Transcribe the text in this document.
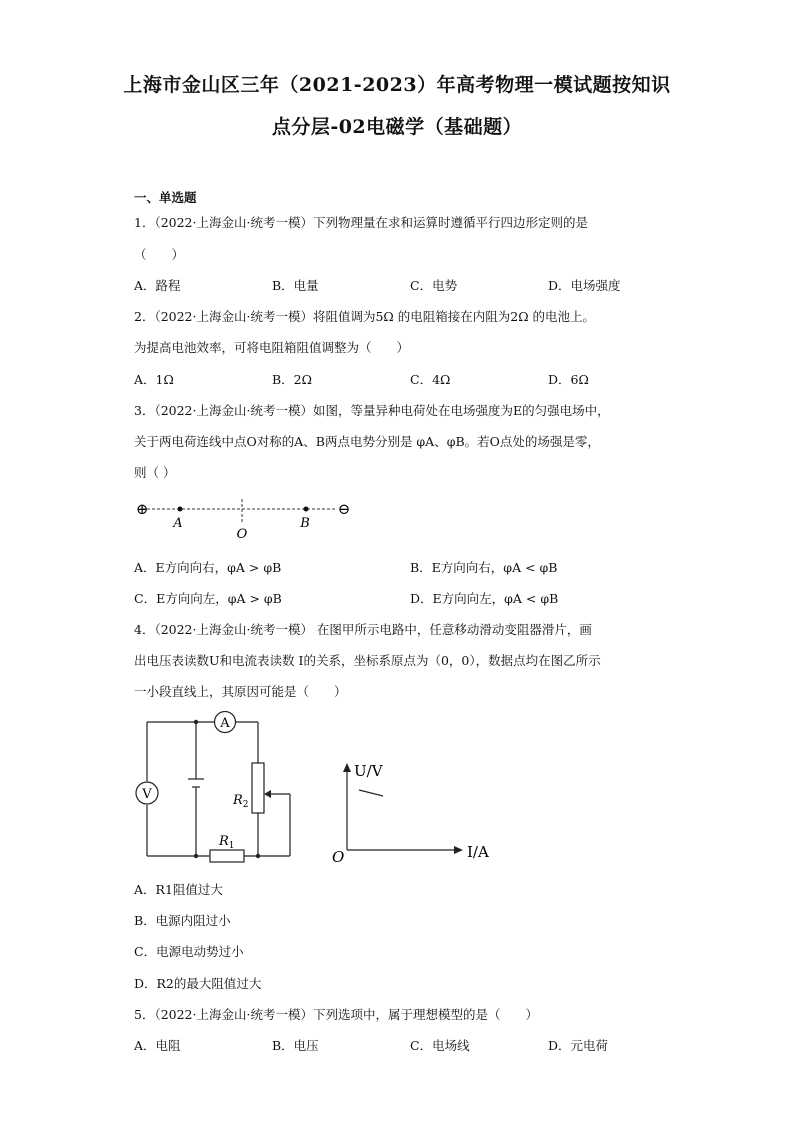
上海市金山区三年（2021-2023）年高考物理一模试题按知识
点分层-02电磁学（基础题）
一、单选题
1．（2022·上海金山·统考一模）下列物理量在求和运算时遵循平行四边形定则的是
（　　）
A．路程	B．电量	C．电势	D．电场强度
2．（2022·上海金山·统考一模）将阻值调为5Ω 的电阻箱接在内阻为2Ω 的电池上。
为提高电池效率，可将电阻箱阻值调整为（　　）
A．1Ω	B．2Ω	C．4Ω	D．6Ω
3．（2022·上海金山·统考一模）如图，等量异种电荷处在电场强度为E的匀强电场中，
关于两电荷连线中点O对称的A、B两点电势分别是 φA、φB。若O点处的场强是零，
则（ ）
⊕	⊖
A
O
B
A．E方向向右，φA > φB	B．E方向向右，φA < φB
C．E方向向左，φA > φB	D．E方向向左，φA < φB
4．（2022·上海金山·统考一模） 在图甲所示电路中，任意移动滑动变阻器滑片，画
出电压表读数U和电流表读数 I的关系，坐标系原点为（0，0），数据点均在图乙所示
一小段直线上，其原因可能是（　　）
A
V	$R_2$
$R_1$
U/V
I/A
O
A．R1阻值过大
B．电源内阻过小
C．电源电动势过小
D．R2的最大阻值过大
5．（2022·上海金山·统考一模）下列选项中，属于理想模型的是（　　）
A．电阻	B．电压	C．电场线	D．元电荷
